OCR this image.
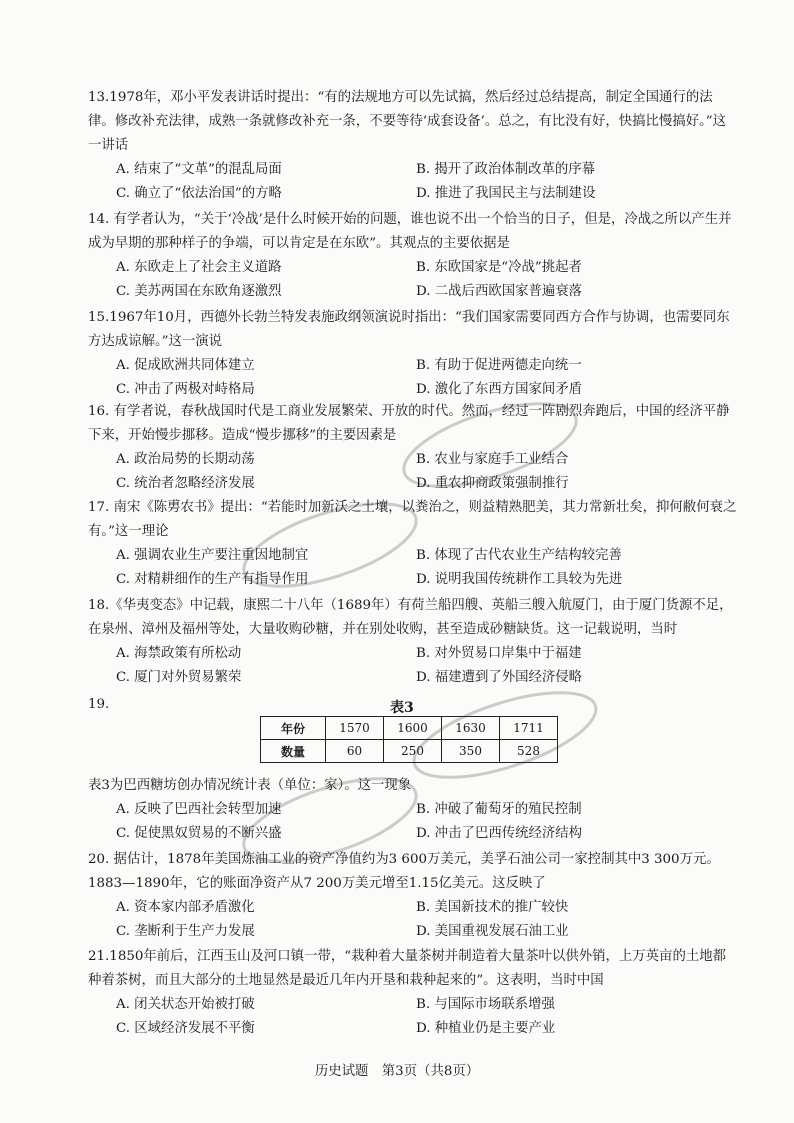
13.1978年，邓小平发表讲话时提出：“有的法规地方可以先试搞，然后经过总结提高，制定全国通行的法律。修改补充法律，成熟一条就修改补充一条，不要等待‘成套设备’。总之，有比没有好，快搞比慢搞好。”这一讲话
A. 结束了“文革”的混乱局面	B. 揭开了政治体制改革的序幕
C. 确立了“依法治国”的方略	D. 推进了我国民主与法制建设
14. 有学者认为，“关于‘冷战’是什么时候开始的问题，谁也说不出一个恰当的日子，但是，冷战之所以产生并成为早期的那种样子的争端，可以肯定是在东欧”。其观点的主要依据是
A. 东欧走上了社会主义道路	B. 东欧国家是“冷战”挑起者
C. 美苏两国在东欧角逐激烈	D. 二战后西欧国家普遍衰落
15.1967年10月，西德外长勃兰特发表施政纲领演说时指出：“我们国家需要同西方合作与协调，也需要同东方达成谅解。”这一演说
A. 促成欧洲共同体建立	B. 有助于促进两德走向统一
C. 冲击了两极对峙格局	D. 激化了东西方国家间矛盾
16. 有学者说，春秋战国时代是工商业发展繁荣、开放的时代。然而，经过一阵剧烈奔跑后，中国的经济平静下来，开始慢步挪移。造成“慢步挪移”的主要因素是
A. 政治局势的长期动荡	B. 农业与家庭手工业结合
C. 统治者忽略经济发展	D. 重农抑商政策强制推行
17. 南宋《陈旉农书》提出：“若能时加新沃之土壤，以粪治之，则益精熟肥美，其力常新壮矣，抑何敝何衰之有。”这一理论
A. 强调农业生产要注重因地制宜	B. 体现了古代农业生产结构较完善
C. 对精耕细作的生产有指导作用	D. 说明我国传统耕作工具较为先进
18.《华夷变态》中记载，康熙二十八年（1689年）有荷兰船四艘、英船三艘入航厦门，由于厦门货源不足，在泉州、漳州及福州等处，大量收购砂糖，并在别处收购，甚至造成砂糖缺货。这一记载说明，当时
A. 海禁政策有所松动	B. 对外贸易口岸集中于福建
C. 厦门对外贸易繁荣	D. 福建遭到了外国经济侵略
19.	表3
年份	1570	1600	1630	1711
数量	60	250	350	528
表3为巴西糖坊创办情况统计表（单位：家）。这一现象
A. 反映了巴西社会转型加速	B. 冲破了葡萄牙的殖民控制
C. 促使黑奴贸易的不断兴盛	D. 冲击了巴西传统经济结构
20. 据估计，1878年美国炼油工业的资产净值约为3 600万美元，美孚石油公司一家控制其中3 300万元。1883—1890年，它的账面净资产从7 200万美元增至1.15亿美元。这反映了
A. 资本家内部矛盾激化	B. 美国新技术的推广较快
C. 垄断利于生产力发展	D. 美国重视发展石油工业
21.1850年前后，江西玉山及河口镇一带，“栽种着大量茶树并制造着大量茶叶以供外销，上万英亩的土地都种着茶树，而且大部分的土地显然是最近几年内开垦和栽种起来的”。这表明，当时中国
A. 闭关状态开始被打破	B. 与国际市场联系增强
C. 区域经济发展不平衡	D. 种植业仍是主要产业
历史试题　第3页（共8页）
